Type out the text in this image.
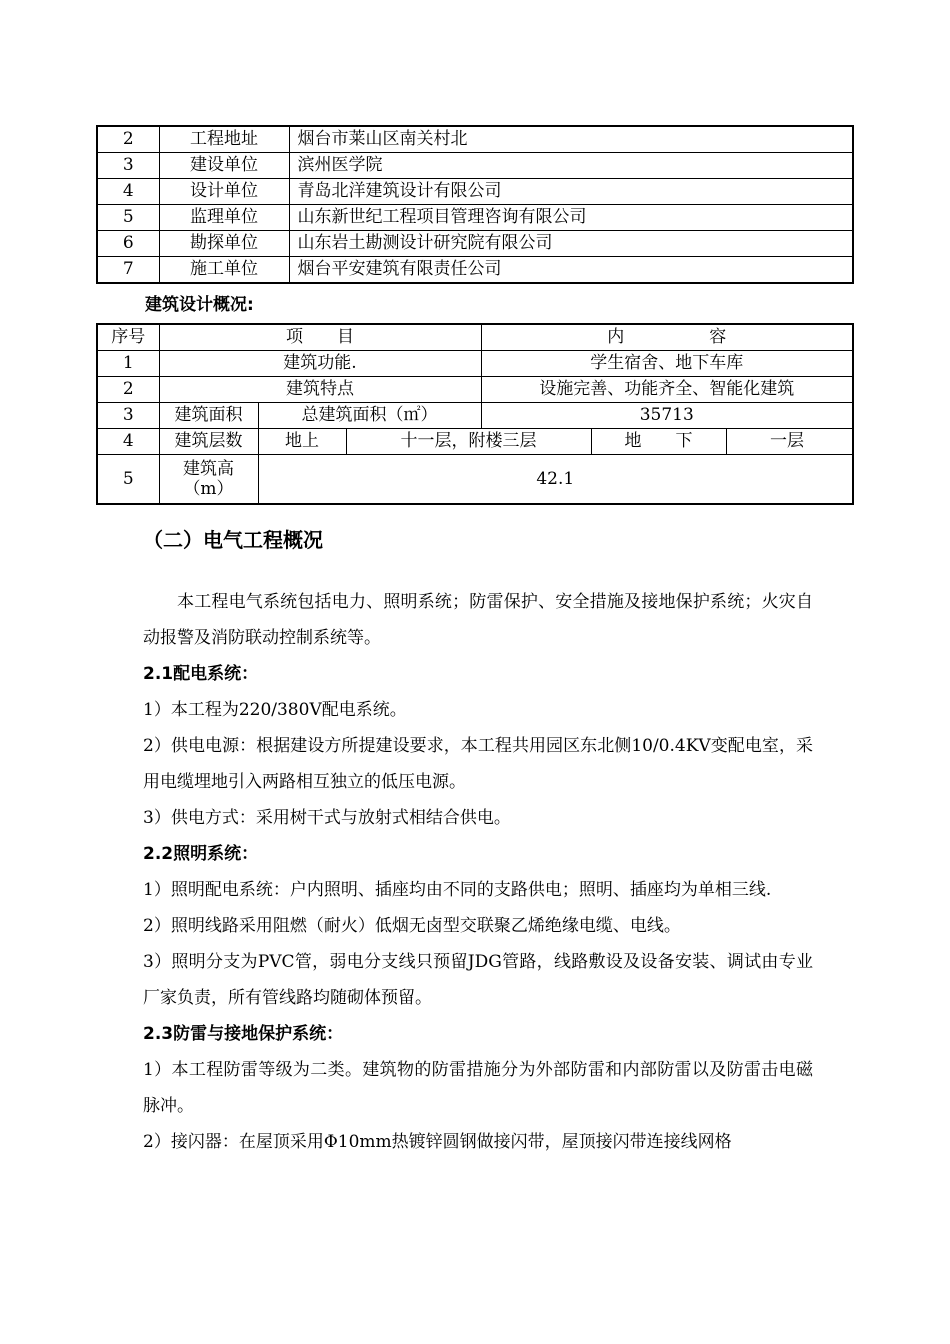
2	工程地址	烟台市莱山区南关村北
3	建设单位	滨州医学院
4	设计单位	青岛北洋建筑设计有限公司
5	监理单位	山东新世纪工程项目管理咨询有限公司
6	勘探单位	山东岩土勘测设计研究院有限公司
7	施工单位	烟台平安建筑有限责任公司
建筑设计概况:
序号	项　　目			内　　　　　容		
1	建筑功能.			学生宿舍、地下车库		
2	建筑特点			设施完善、功能齐全、智能化建筑		
3	建筑面积	总建筑面积（㎡）		35713		
4	建筑层数	地上	十一层，附楼三层		地　　下	一层
5	建筑高（m）	42.1				
（二）电气工程概况

本工程电气系统包括电力、照明系统；防雷保护、安全措施及接地保护系统；火灾自动报警及消防联动控制系统等。

2.1配电系统：

1）本工程为220/380V配电系统。

2）供电电源：根据建设方所提建设要求，本工程共用园区东北侧10/0.4KV变配电室，采用电缆埋地引入两路相互独立的低压电源。

3）供电方式：采用树干式与放射式相结合供电。

2.2照明系统：

1）照明配电系统：户内照明、插座均由不同的支路供电；照明、插座均为单相三线.

2）照明线路采用阻燃（耐火）低烟无卤型交联聚乙烯绝缘电缆、电线。

3）照明分支为PVC管，弱电分支线只预留JDG管路，线路敷设及设备安装、调试由专业厂家负责，所有管线路均随砌体预留。

2.3防雷与接地保护系统：

1）本工程防雷等级为二类。建筑物的防雷措施分为外部防雷和内部防雷以及防雷击电磁脉冲。

2）接闪器：在屋顶采用Φ10mm热镀锌圆钢做接闪带，屋顶接闪带连接线网格
